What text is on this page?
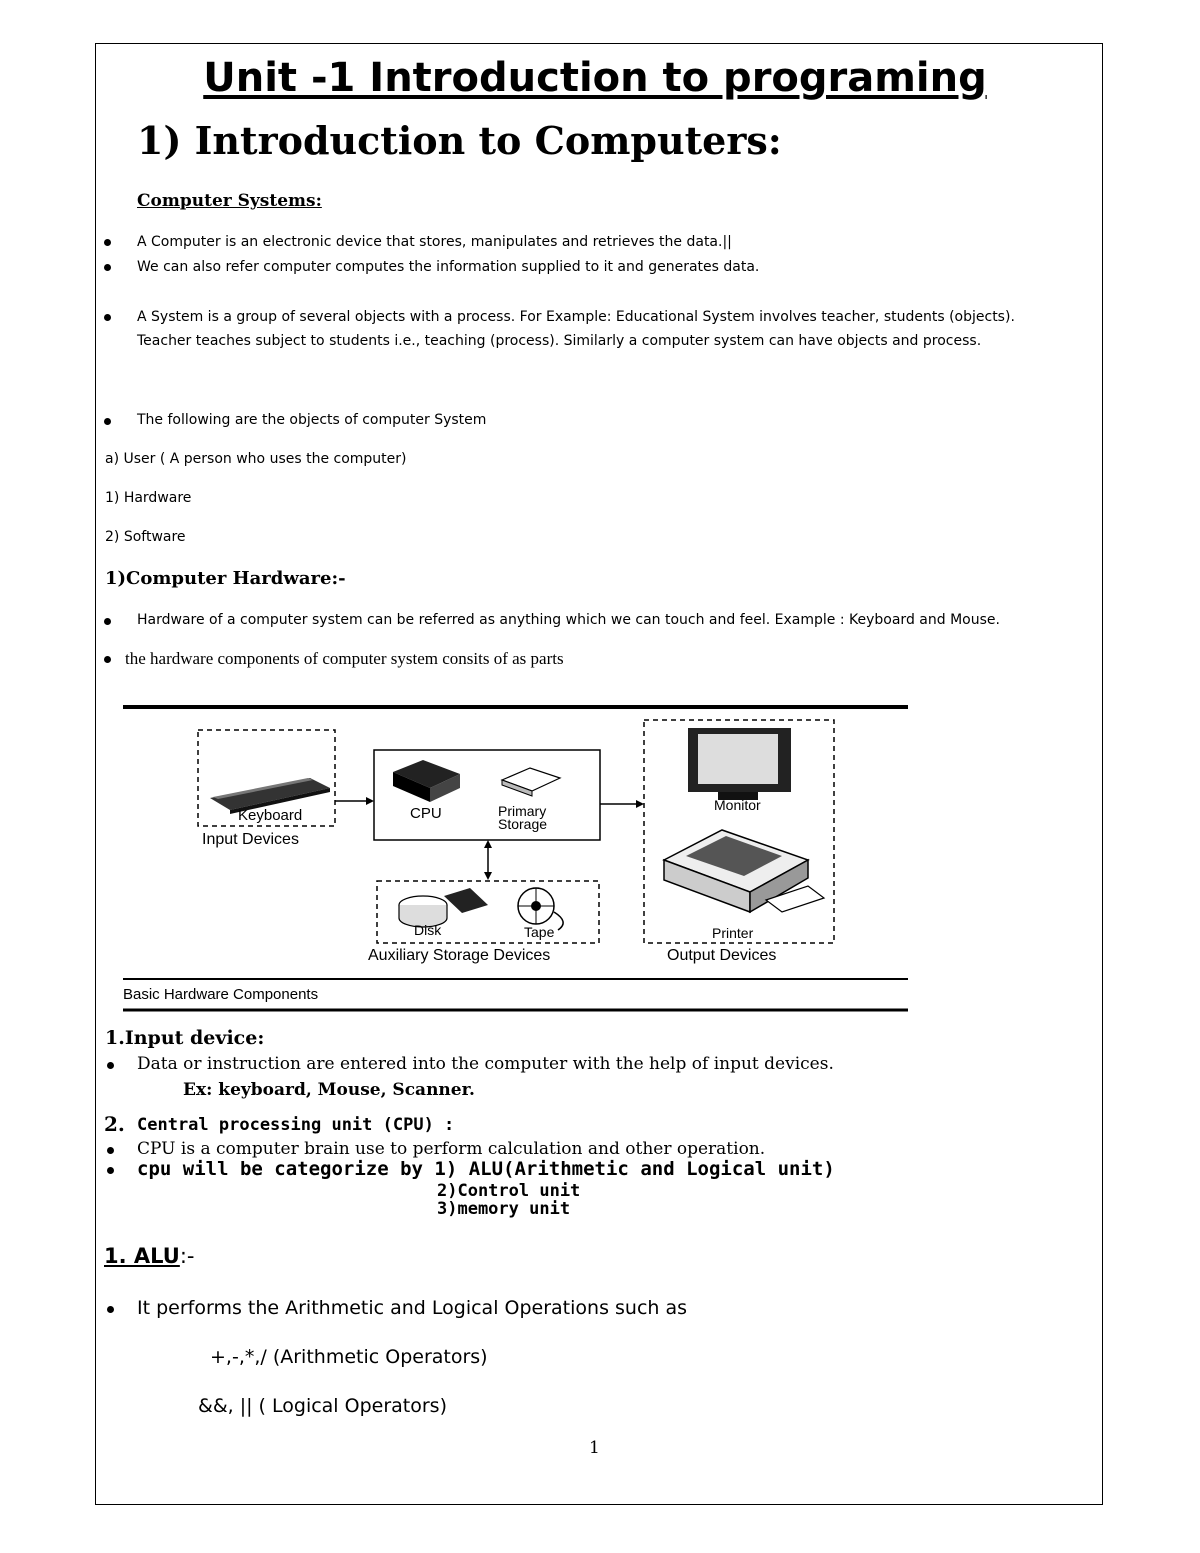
Unit -1 Introduction to programing
1) Introduction to Computers:
Computer Systems:
A Computer is an electronic device that stores, manipulates and retrieves the data.||
We can also refer computer computes the information supplied to it and generates data.
A System is a group of several objects with a process. For Example: Educational System involves teacher, students (objects).
Teacher teaches subject to students i.e., teaching (process). Similarly a computer system can have objects and process.
The following are the objects of computer System
a) User ( A person who uses the computer)
1) Hardware
2) Software
1)Computer Hardware:-
Hardware of a computer system can be referred as anything which we can touch and feel. Example : Keyboard and Mouse.
the hardware components of computer system consits of as parts
Keyboard
Input Devices
CPU	Primary
Storage
Monitor
Printer
Output Devices
Disk	Tape
Auxiliary Storage Devices
Basic Hardware Components
1.Input device:
Data or instruction are entered into the computer with the help of input devices.
Ex: keyboard, Mouse, Scanner.
2. Central processing unit (CPU) :
CPU is a computer brain use to perform calculation and other operation.
cpu will be categorize by 1) ALU(Arithmetic and Logical unit)
2)Control unit
3)memory unit
1. ALU:-
It performs the Arithmetic and Logical Operations such as
+,-,*,/ (Arithmetic Operators)
&&, || ( Logical Operators)
1
